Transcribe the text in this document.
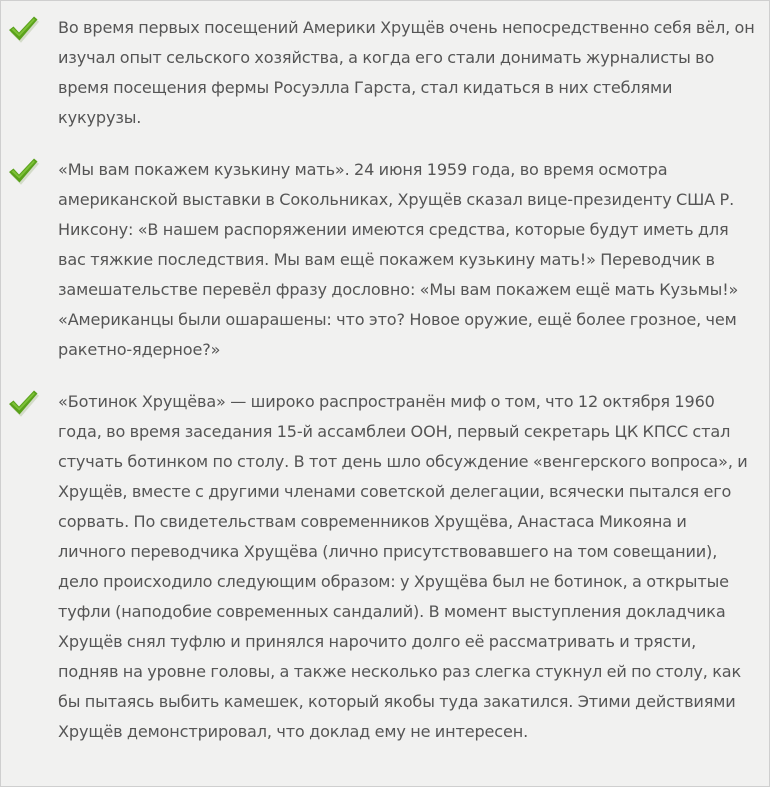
Во время первых посещений Америки Хрущёв очень непосредственно себя вёл, он изучал опыт сельского хозяйства, а когда его стали донимать журналисты во время посещения фермы Росуэлла Гарста, стал кидаться в них стеблями кукурузы.

«Мы вам покажем кузькину мать». 24 июня 1959 года, во время осмотра американской выставки в Сокольниках, Хрущёв сказал вице-президенту США Р. Никсону: «В нашем распоряжении имеются средства, которые будут иметь для вас тяжкие последствия. Мы вам ещё покажем кузькину мать!» Переводчик в замешательстве перевёл фразу дословно: «Мы вам покажем ещё мать Кузьмы!» «Американцы были ошарашены: что это? Новое оружие, ещё более грозное, чем ракетно-ядерное?»

«Ботинок Хрущёва» — широко распространён миф о том, что 12 октября 1960 года, во время заседания 15-й ассамблеи ООН, первый секретарь ЦК КПСС стал стучать ботинком по столу. В тот день шло обсуждение «венгерского вопроса», и Хрущёв, вместе с другими членами советской делегации, всячески пытался его сорвать. По свидетельствам современников Хрущёва, Анастаса Микояна и личного переводчика Хрущёва (лично присутствовавшего на том совещании), дело происходило следующим образом: у Хрущёва был не ботинок, а открытые туфли (наподобие современных сандалий). В момент выступления докладчика Хрущёв снял туфлю и принялся нарочито долго её рассматривать и трясти, подняв на уровне головы, а также несколько раз слегка стукнул ей по столу, как бы пытаясь выбить камешек, который якобы туда закатился. Этими действиями Хрущёв демонстрировал, что доклад ему не интересен.
